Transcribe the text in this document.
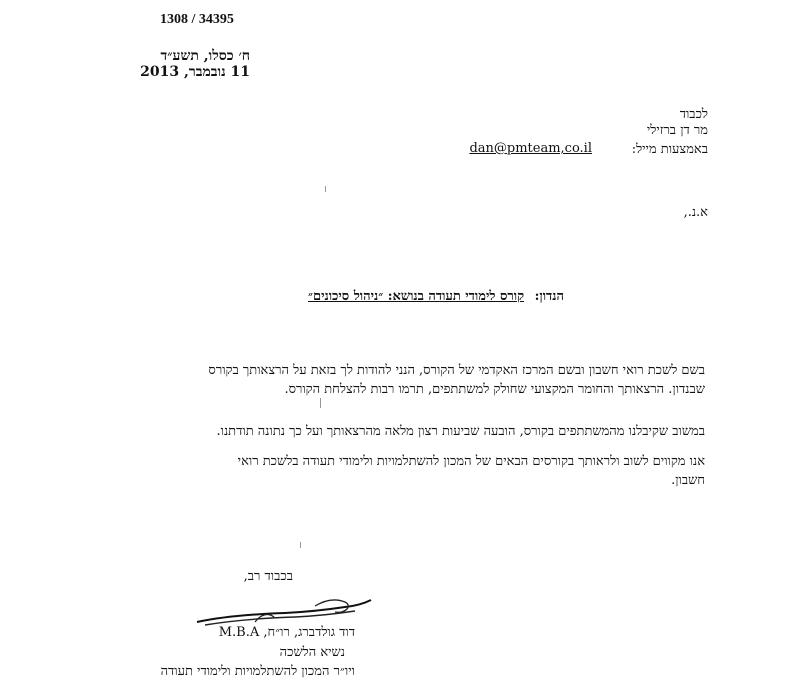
1308 / 34395
ח׳ כסלו, תשע״ד
11 נובמבר, 2013
לכבוד
מר דן ברזילי
באמצעות מייל:
dan@pmteam,co.il
א.נ.,
הנדון: קורס לימודי תעודה בנושא: ״ניהול סיכונים״
בשם לשכת רואי חשבון ובשם המרכז האקדמי של הקורס, הנני להודות לך בזאת על הרצאותך בקורס
שבנדון. הרצאותך והחומר המקצועי שחולק למשתתפים, תרמו רבות להצלחת הקורס.
במשוב שקיבלנו מהמשתתפים בקורס, הובעה שביעות רצון מלאה מהרצאותך ועל כך נתונה תודתנו.
אנו מקווים לשוב ולראותך בקורסים הבאים של המכון להשתלמויות ולימודי תעודה בלשכת רואי
חשבון.
בכבוד רב,
דוד גולדברג, רו״ח, M.B.A
נשיא הלשכה
ויו״ר המכון להשתלמויות ולימודי תעודה
